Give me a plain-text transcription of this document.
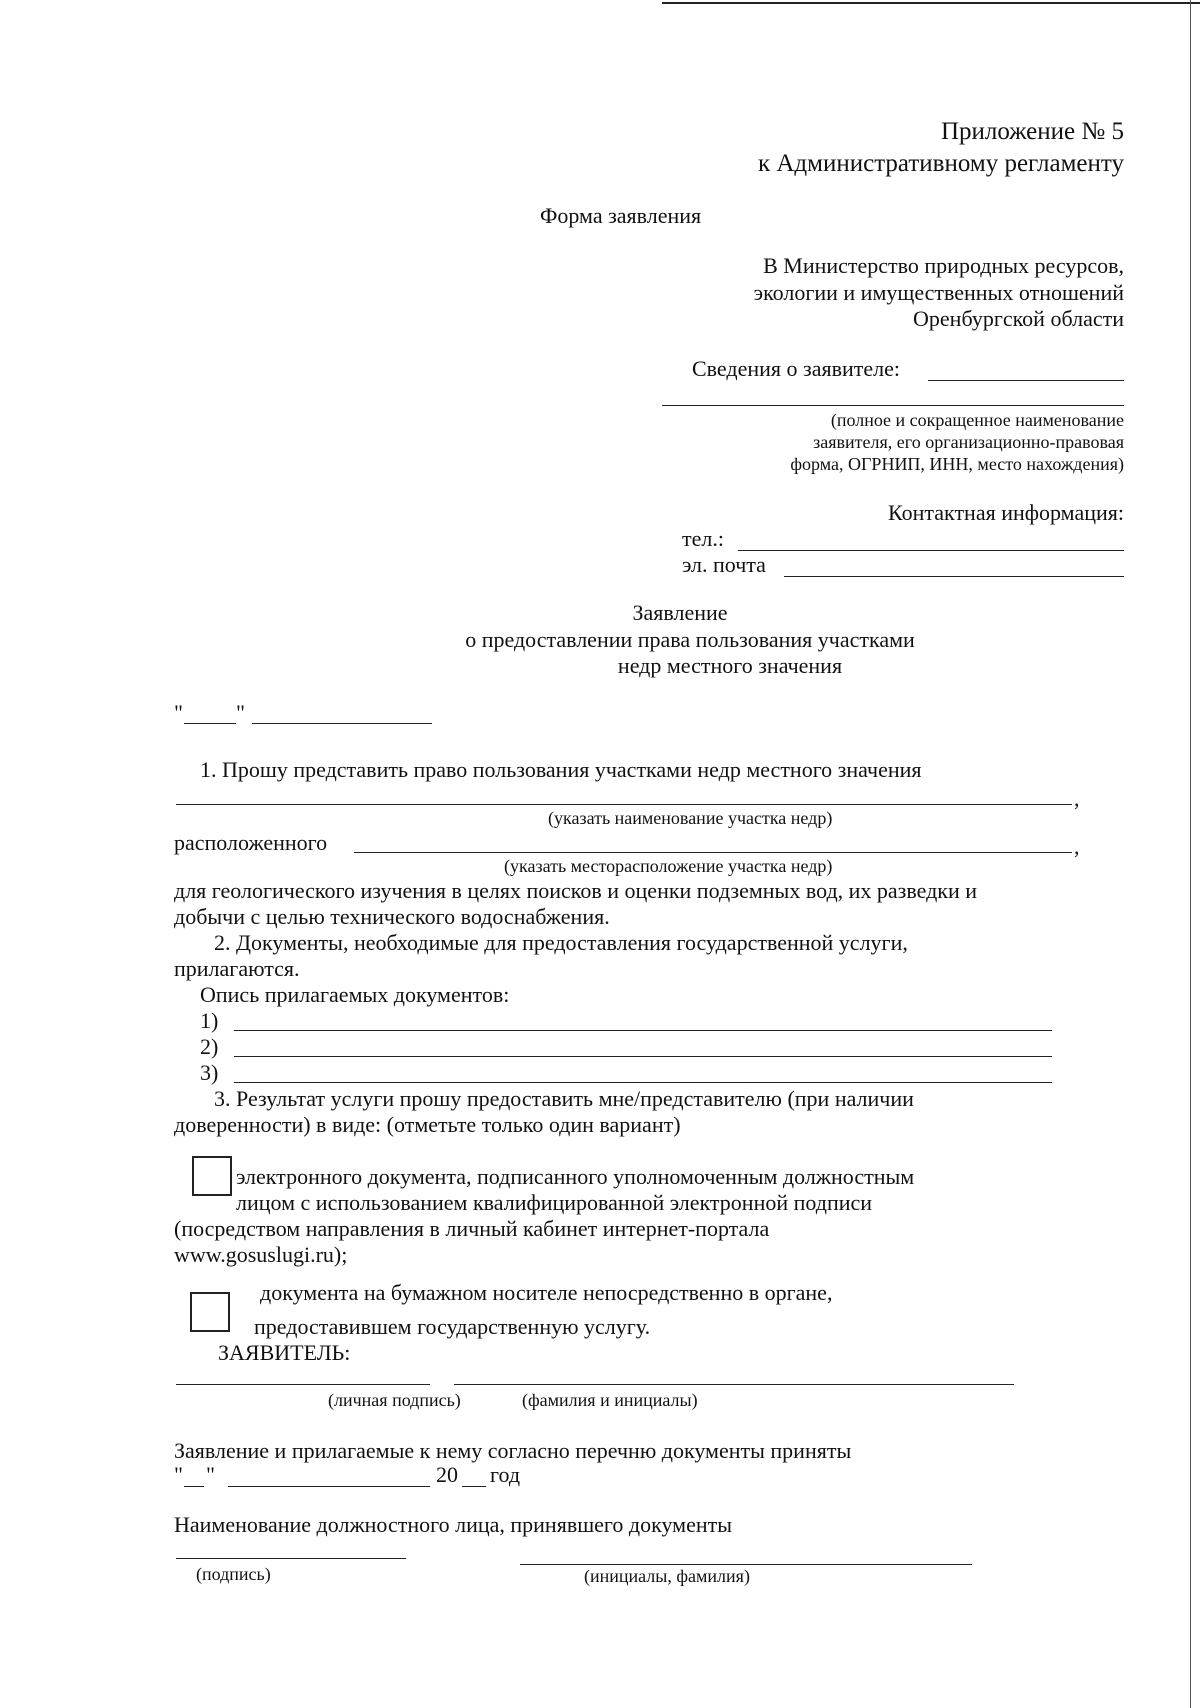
Приложение № 5
к Административному регламенту
Форма заявления
В Министерство природных ресурсов,
экологии и имущественных отношений
Оренбургской области
Сведения о заявителе:
(полное и сокращенное наименование
заявителя, его организационно-правовая
форма, ОГРНИП, ИНН, место нахождения)
Контактная информация:
тел.:
эл. почта
Заявление
о предоставлении права пользования участками
недр местного значения
" "
1. Прошу представить право пользования участками недр местного значения
,
(указать наименование участка недр)
расположенного	,
(указать месторасположение участка недр)
для геологического изучения в целях поисков и оценки подземных вод, их разведки и
добычи с целью технического водоснабжения.
2. Документы, необходимые для предоставления государственной услуги,
прилагаются.
Опись прилагаемых документов:
1)
2)
3)
3. Результат услуги прошу предоставить мне/представителю (при наличии
доверенности) в виде: (отметьте только один вариант)
электронного документа, подписанного уполномоченным должностным
лицом с использованием квалифицированной электронной подписи
(посредством направления в личный кабинет интернет-портала
www.gosuslugi.ru);
документа на бумажном носителе непосредственно в органе,
предоставившем государственную услугу.
ЗАЯВИТЕЛЬ:
(личная подпись)	(фамилия и инициалы)
Заявление и прилагаемые к нему согласно перечню документы приняты
" "	20 год
Наименование должностного лица, принявшего документы
(подпись)	(инициалы, фамилия)
